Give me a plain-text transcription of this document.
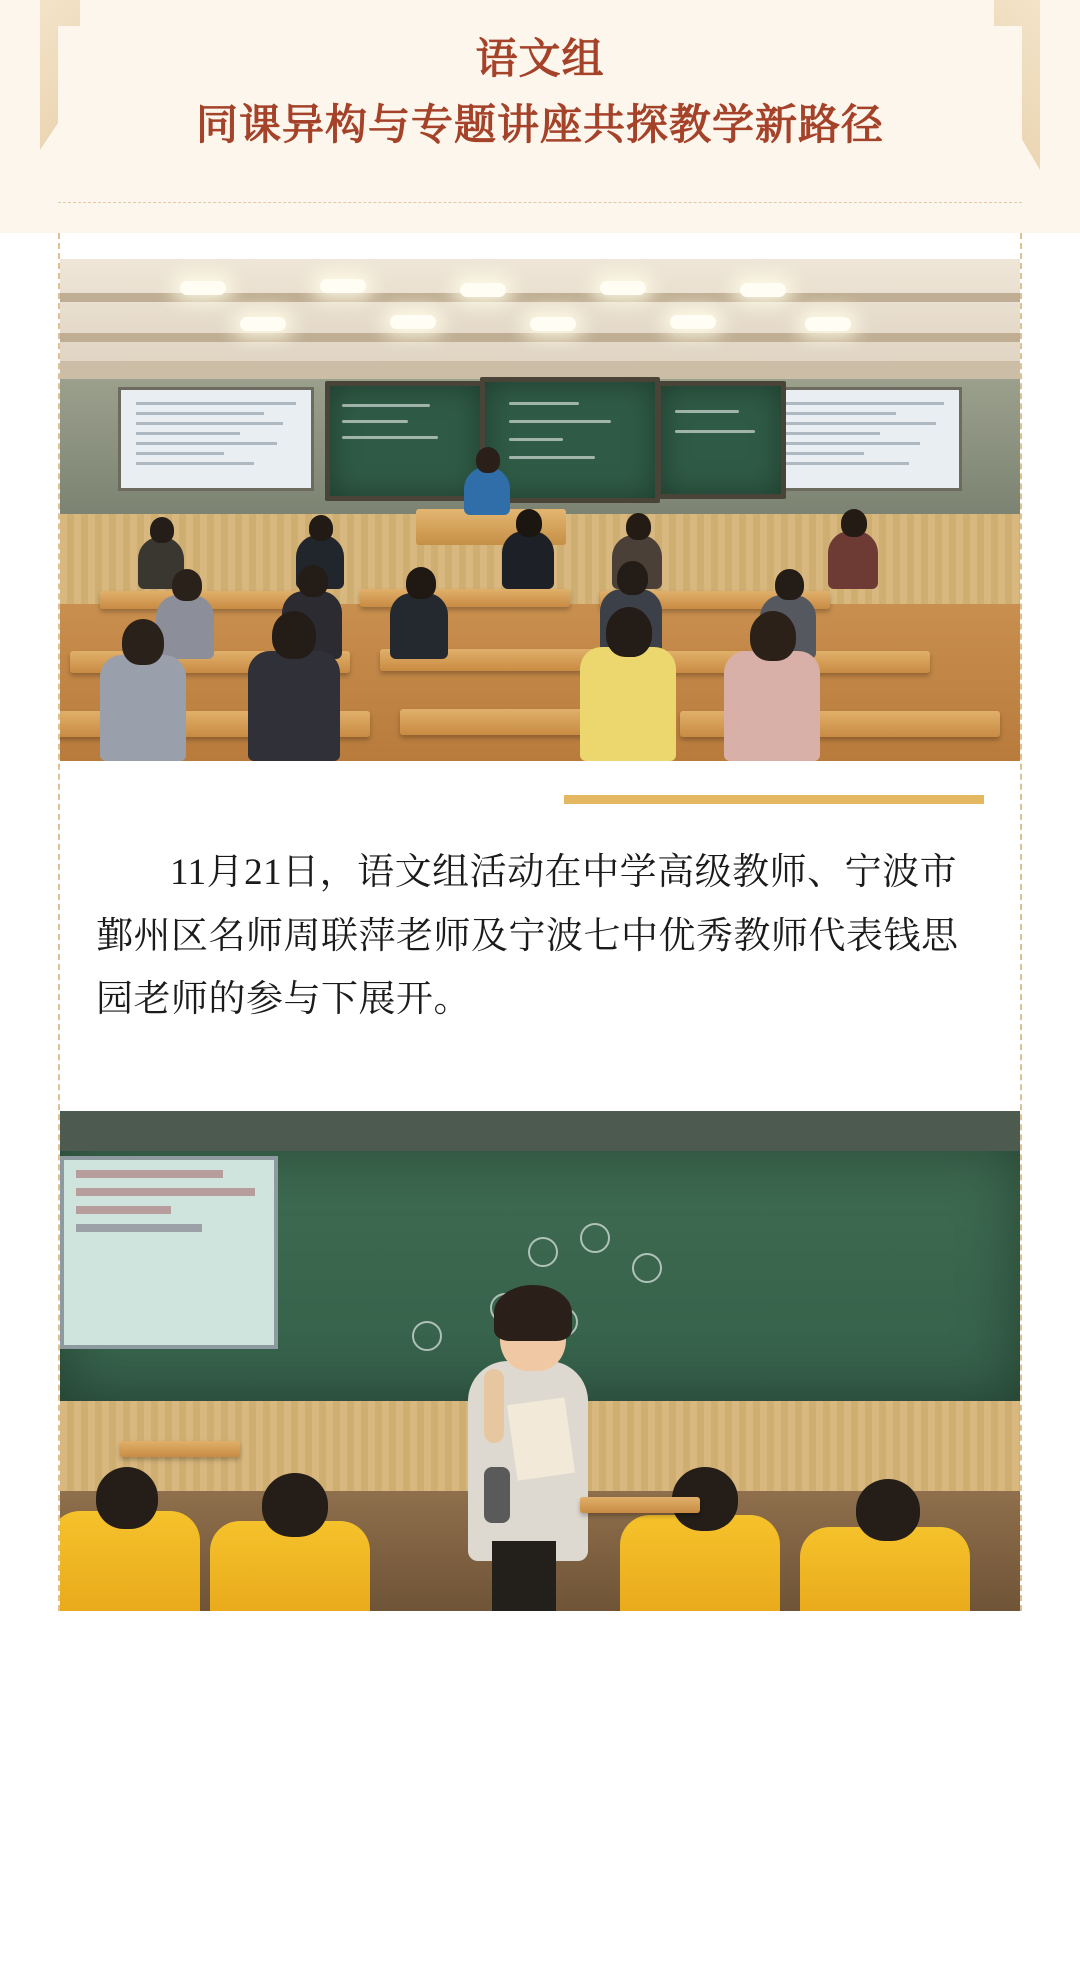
语文组
同课异构与专题讲座共探教学新路径

11月21日，语文组活动在中学高级教师、宁波市鄞州区名师周联萍老师及宁波七中优秀教师代表钱思园老师的参与下展开。
